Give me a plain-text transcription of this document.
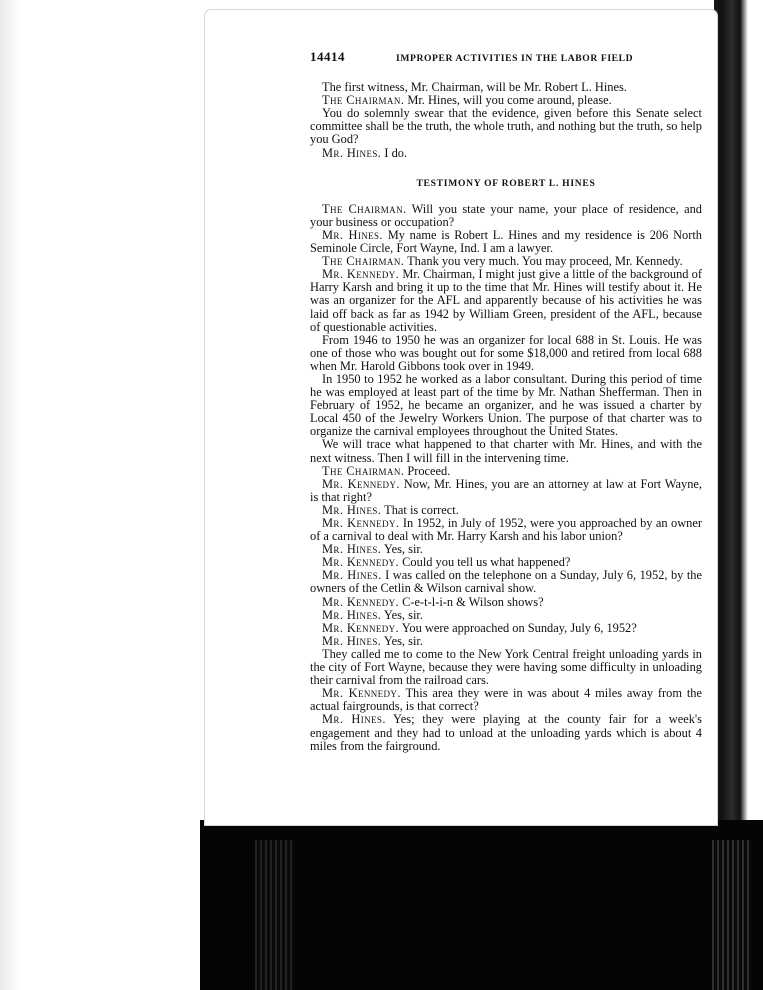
14414	IMPROPER ACTIVITIES IN THE LABOR FIELD

The first witness, Mr. Chairman, will be Mr. Robert L. Hines.

The Chairman. Mr. Hines, will you come around, please.

You do solemnly swear that the evidence, given before this Senate select committee shall be the truth, the whole truth, and nothing but the truth, so help you God?

Mr. Hines. I do.

TESTIMONY OF ROBERT L. HINES

The Chairman. Will you state your name, your place of residence, and your business or occupation?

Mr. Hines. My name is Robert L. Hines and my residence is 206 North Seminole Circle, Fort Wayne, Ind. I am a lawyer.

The Chairman. Thank you very much. You may proceed, Mr. Kennedy.

Mr. Kennedy. Mr. Chairman, I might just give a little of the background of Harry Karsh and bring it up to the time that Mr. Hines will testify about it. He was an organizer for the AFL and apparently because of his activities he was laid off back as far as 1942 by William Green, president of the AFL, because of questionable activities.

From 1946 to 1950 he was an organizer for local 688 in St. Louis. He was one of those who was bought out for some $18,000 and retired from local 688 when Mr. Harold Gibbons took over in 1949.

In 1950 to 1952 he worked as a labor consultant. During this period of time he was employed at least part of the time by Mr. Nathan Shefferman. Then in February of 1952, he became an organizer, and he was issued a charter by Local 450 of the Jewelry Workers Union. The purpose of that charter was to organize the carnival employees throughout the United States.

We will trace what happened to that charter with Mr. Hines, and with the next witness. Then I will fill in the intervening time.

The Chairman. Proceed.

Mr. Kennedy. Now, Mr. Hines, you are an attorney at law at Fort Wayne, is that right?

Mr. Hines. That is correct.

Mr. Kennedy. In 1952, in July of 1952, were you approached by an owner of a carnival to deal with Mr. Harry Karsh and his labor union?

Mr. Hines. Yes, sir.

Mr. Kennedy. Could you tell us what happened?

Mr. Hines. I was called on the telephone on a Sunday, July 6, 1952, by the owners of the Cetlin & Wilson carnival show.

Mr. Kennedy. C-e-t-l-i-n & Wilson shows?

Mr. Hines. Yes, sir.

Mr. Kennedy. You were approached on Sunday, July 6, 1952?

Mr. Hines. Yes, sir.

They called me to come to the New York Central freight unloading yards in the city of Fort Wayne, because they were having some difficulty in unloading their carnival from the railroad cars.

Mr. Kennedy. This area they were in was about 4 miles away from the actual fairgrounds, is that correct?

Mr. Hines. Yes; they were playing at the county fair for a week's engagement and they had to unload at the unloading yards which is about 4 miles from the fairground.
